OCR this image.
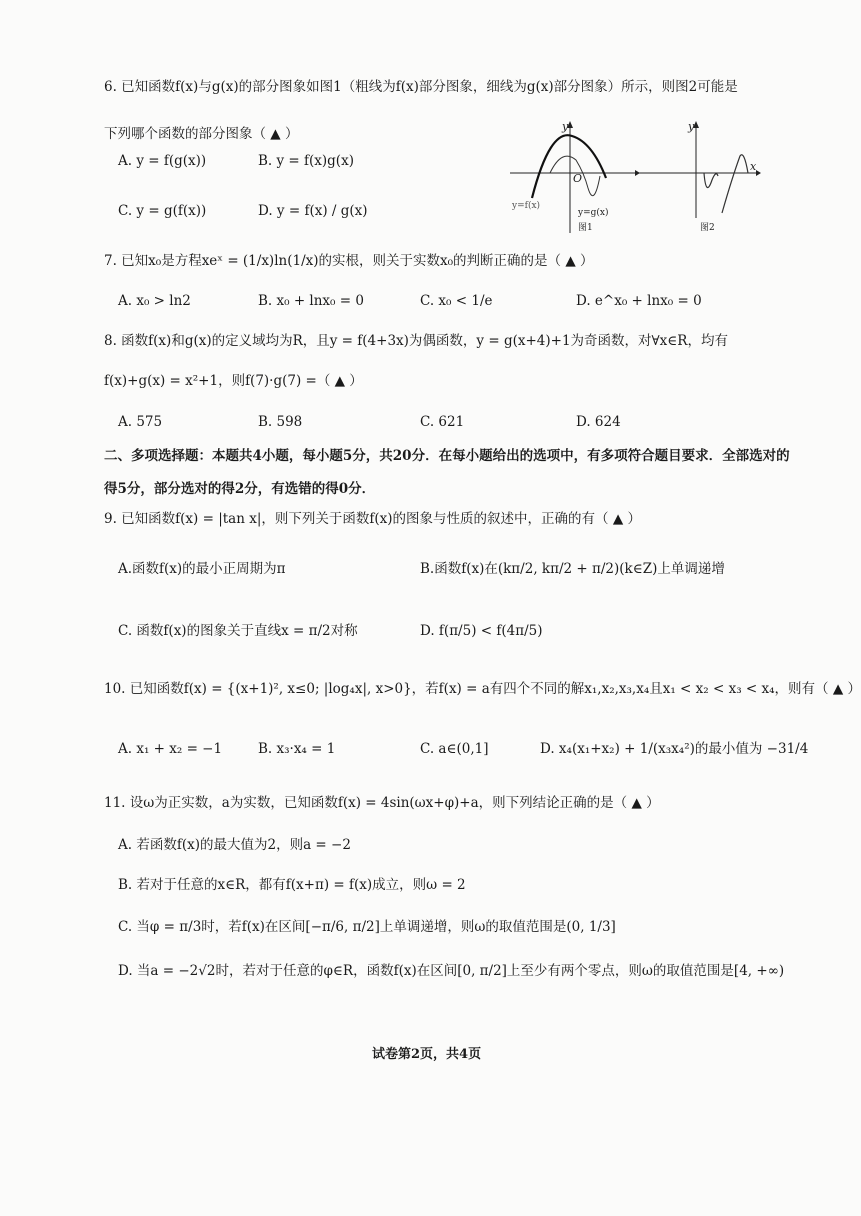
6. 已知函数f(x)与g(x)的部分图象如图1（粗线为f(x)部分图象，细线为g(x)部分图象）所示，则图2可能是
下列哪个函数的部分图象（ ▲ ）
A. y = f(g(x))	B. y = f(x)g(x)
C. y = g(f(x))	D. y = f(x) / g(x)
y
O
y=f(x)
y=g(x)
图1
y
x
图2
7. 已知x₀是方程xeˣ = (1/x)ln(1/x)的实根，则关于实数x₀的判断正确的是（ ▲ ）
A. x₀ > ln2	B. x₀ + lnx₀ = 0	C. x₀ < 1/e	D. e^x₀ + lnx₀ = 0
8. 函数f(x)和g(x)的定义域均为R，且y = f(4+3x)为偶函数，y = g(x+4)+1为奇函数，对∀x∈R，均有
f(x)+g(x) = x²+1，则f(7)·g(7) =（ ▲ ）
A. 575	B. 598	C. 621	D. 624
二、多项选择题：本题共4小题，每小题5分，共20分．在每小题给出的选项中，有多项符合题目要求．全部选对的
得5分，部分选对的得2分，有选错的得0分．
9. 已知函数f(x) = |tan x|，则下列关于函数f(x)的图象与性质的叙述中，正确的有（ ▲ ）
A.函数f(x)的最小正周期为π	B.函数f(x)在(kπ/2, kπ/2 + π/2)(k∈Z)上单调递增
C. 函数f(x)的图象关于直线x = π/2对称	D. f(π/5) < f(4π/5)
10. 已知函数f(x) = {(x+1)², x≤0; |log₄x|, x>0}，若f(x) = a有四个不同的解x₁,x₂,x₃,x₄且x₁ < x₂ < x₃ < x₄，则有（ ▲ ）
A. x₁ + x₂ = −1	B. x₃·x₄ = 1	C. a∈(0,1]	D. x₄(x₁+x₂) + 1/(x₃x₄²)的最小值为 −31/4
11. 设ω为正实数，a为实数，已知函数f(x) = 4sin(ωx+φ)+a，则下列结论正确的是（ ▲ ）
A. 若函数f(x)的最大值为2，则a = −2
B. 若对于任意的x∈R，都有f(x+π) = f(x)成立，则ω = 2
C. 当φ = π/3时，若f(x)在区间[−π/6, π/2]上单调递增，则ω的取值范围是(0, 1/3]
D. 当a = −2√2时，若对于任意的φ∈R，函数f(x)在区间[0, π/2]上至少有两个零点，则ω的取值范围是[4, +∞)
试卷第2页，共4页
